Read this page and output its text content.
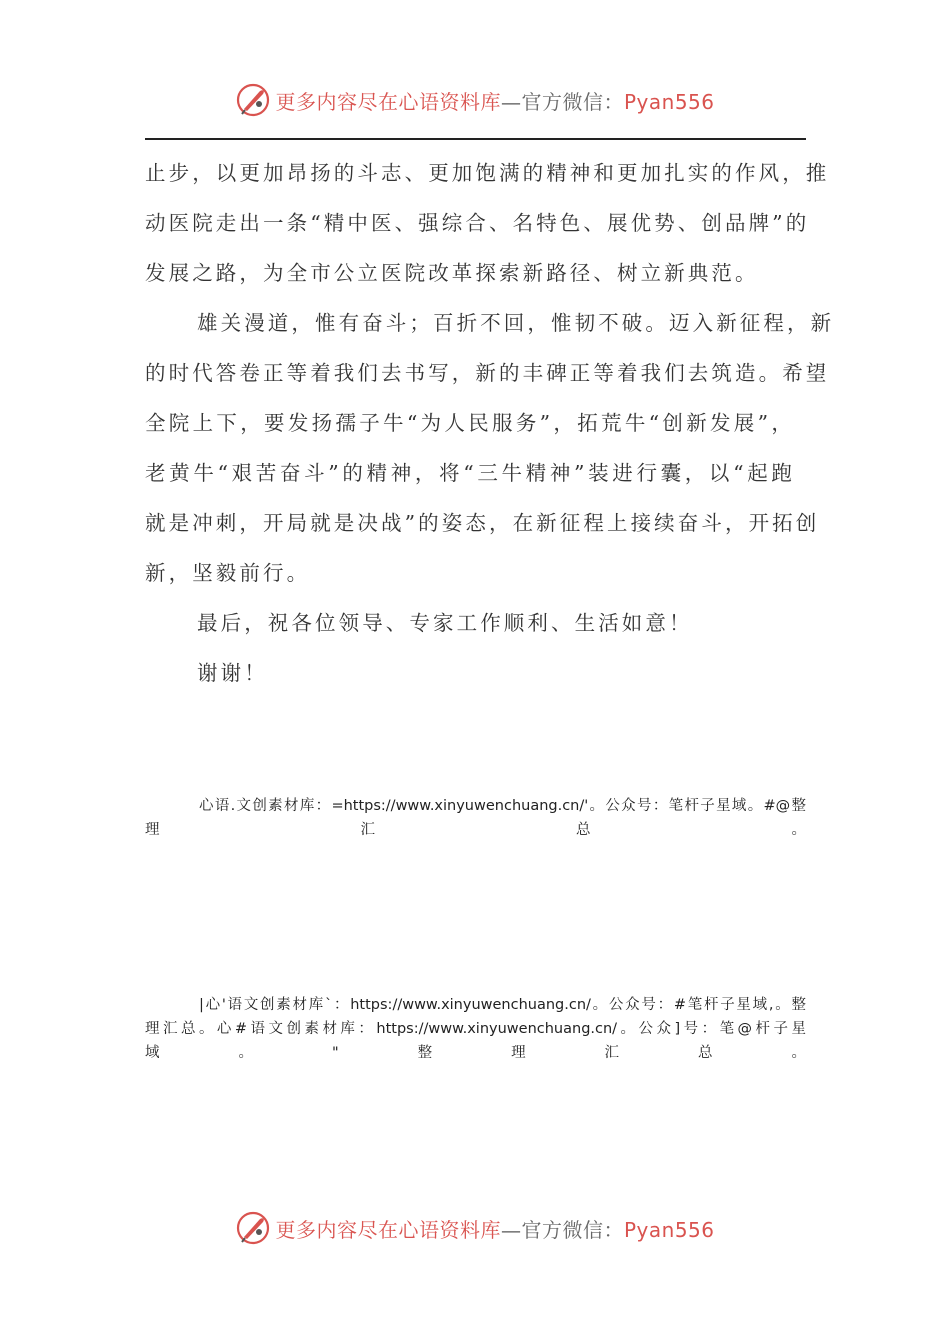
更多内容尽在心语资料库—官方微信：Pyan556
止步，以更加昂扬的斗志、更加饱满的精神和更加扎实的作风，推
动医院走出一条“精中医、强综合、名特色、展优势、创品牌”的
发展之路，为全市公立医院改革探索新路径、树立新典范。
雄关漫道，惟有奋斗；百折不回，惟韧不破。迈入新征程，新
的时代答卷正等着我们去书写，新的丰碑正等着我们去筑造。希望
全院上下，要发扬孺子牛“为人民服务”，拓荒牛“创新发展”，
老黄牛“艰苦奋斗”的精神，将“三牛精神”装进行囊，以“起跑
就是冲刺，开局就是决战”的姿态，在新征程上接续奋斗，开拓创
新，坚毅前行。
最后，祝各位领导、专家工作顺利、生活如意！
谢谢！
心语.文创素材库：=https://www.xinyuwenchuang.cn/'。公众号：笔杆子星域。#@整
理汇总。
|心'语文创素材库`：https://www.xinyuwenchuang.cn/。公众号：#笔杆子星域,。整
理汇总。心#语文创素材库：https://www.xinyuwenchuang.cn/。公众]号：笔@杆子星
域。"整理汇总。
更多内容尽在心语资料库—官方微信：Pyan556
